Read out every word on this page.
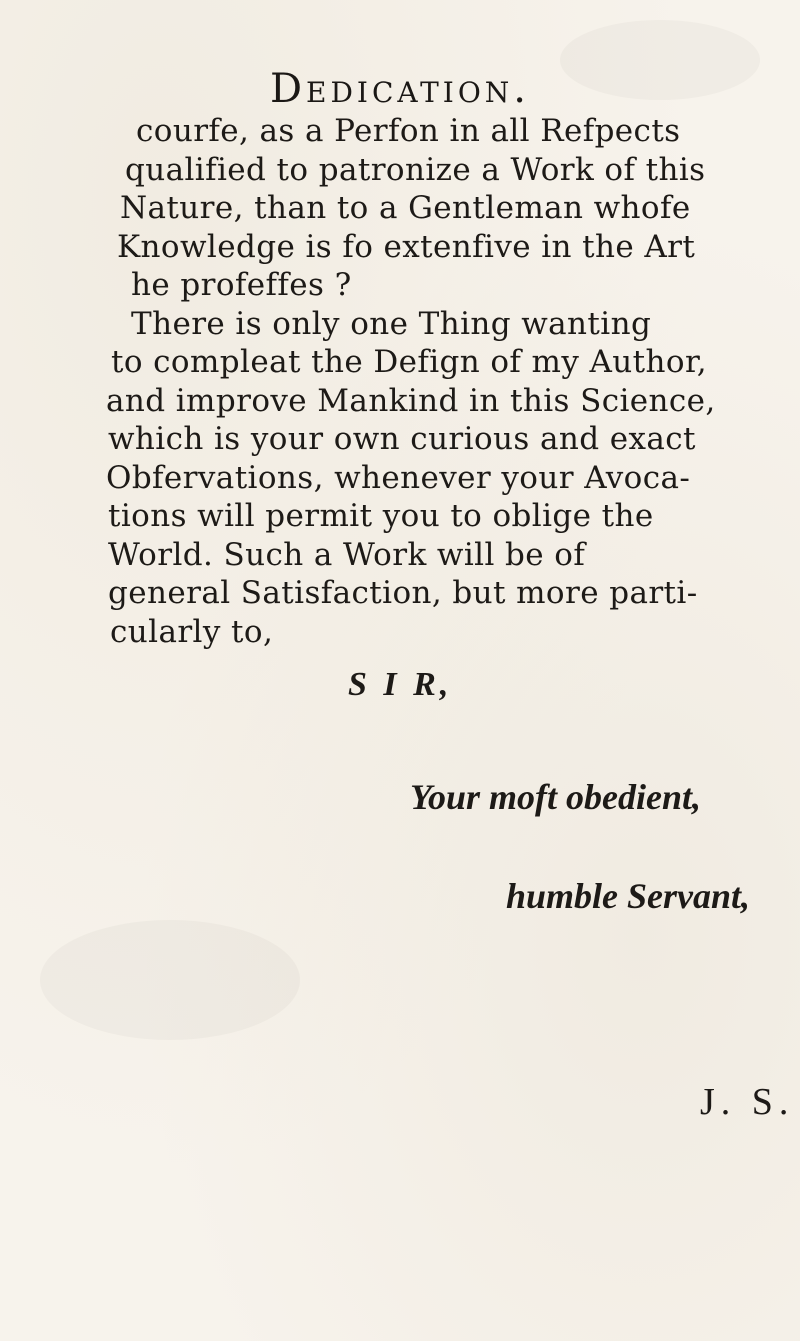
Dedication.
courfe, as a Perfon in all Refpects
qualified to patronize a Work of this
Nature, than to a Gentleman whofe
Knowledge is fo extenfive in the Art
he profeffes ?
There is only one Thing wanting
to compleat the Defign of my Author,
and improve Mankind in this Science,
which is your own curious and exact
Obfervations, whenever your Avoca-
tions will permit you to oblige the
World. Such a Work will be of
general Satisfaction, but more parti-
cularly to,
S I R,
Your moft obedient,
humble Servant,
J. S.
